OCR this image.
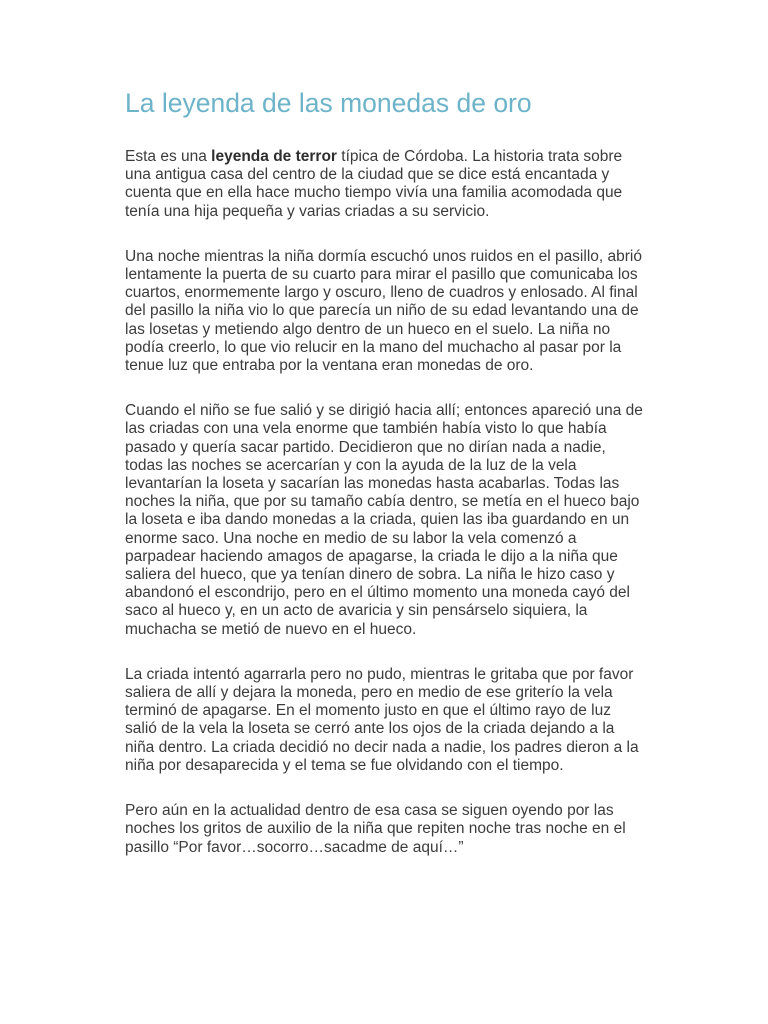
La leyenda de las monedas de oro

Esta es una leyenda de terror típica de Córdoba. La historia trata sobre una antigua casa del centro de la ciudad que se dice está encantada y cuenta que en ella hace mucho tiempo vivía una familia acomodada que tenía una hija pequeña y varias criadas a su servicio.

Una noche mientras la niña dormía escuchó unos ruidos en el pasillo, abrió lentamente la puerta de su cuarto para mirar el pasillo que comunicaba los cuartos, enormemente largo y oscuro, lleno de cuadros y enlosado. Al final del pasillo la niña vio lo que parecía un niño de su edad levantando una de las losetas y metiendo algo dentro de un hueco en el suelo. La niña no podía creerlo, lo que vio relucir en la mano del muchacho al pasar por la tenue luz que entraba por la ventana eran monedas de oro.

Cuando el niño se fue salió y se dirigió hacia allí; entonces apareció una de las criadas con una vela enorme que también había visto lo que había pasado y quería sacar partido. Decidieron que no dirían nada a nadie, todas las noches se acercarían y con la ayuda de la luz de la vela levantarían la loseta y sacarían las monedas hasta acabarlas. Todas las noches la niña, que por su tamaño cabía dentro, se metía en el hueco bajo la loseta e iba dando monedas a la criada, quien las iba guardando en un enorme saco. Una noche en medio de su labor la vela comenzó a parpadear haciendo amagos de apagarse, la criada le dijo a la niña que saliera del hueco, que ya tenían dinero de sobra. La niña le hizo caso y abandonó el escondrijo, pero en el último momento una moneda cayó del saco al hueco y, en un acto de avaricia y sin pensárselo siquiera, la muchacha se metió de nuevo en el hueco.

La criada intentó agarrarla pero no pudo, mientras le gritaba que por favor saliera de allí y dejara la moneda, pero en medio de ese griterío la vela terminó de apagarse. En el momento justo en que el último rayo de luz salió de la vela la loseta se cerró ante los ojos de la criada dejando a la niña dentro. La criada decidió no decir nada a nadie, los padres dieron a la niña por desaparecida y el tema se fue olvidando con el tiempo.

Pero aún en la actualidad dentro de esa casa se siguen oyendo por las noches los gritos de auxilio de la niña que repiten noche tras noche en el pasillo “Por favor…socorro…sacadme de aquí…”
